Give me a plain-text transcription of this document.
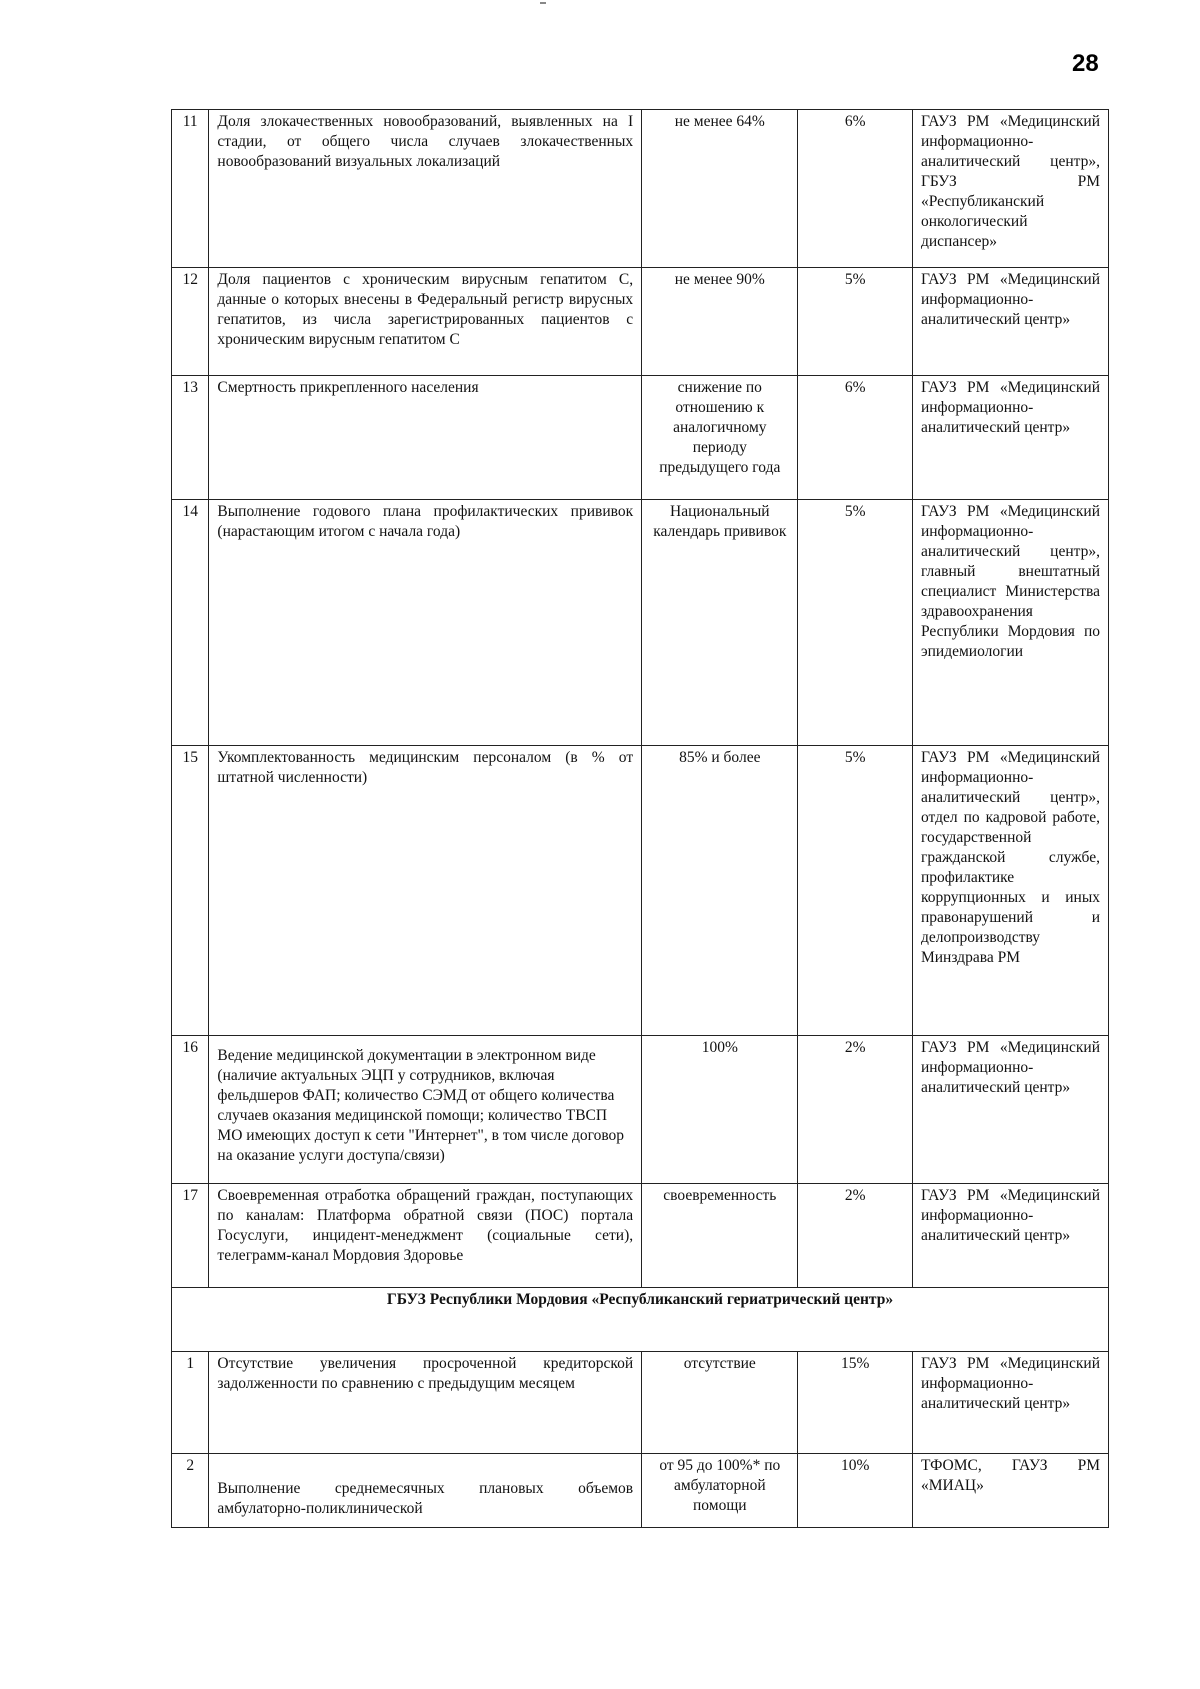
28
11	Доля злокачественных новообразований, выявленных на I стадии, от общего числа случаев злокачественных новообразований визуальных локализаций	не менее 64%	6%	ГАУЗ РМ «Медицинский информационно-аналитический центр», ГБУЗ РМ «Республиканский онкологический диспансер»
12	Доля пациентов с хроническим вирусным гепатитом С, данные о которых внесены в Федеральный регистр вирусных гепатитов, из числа зарегистрированных пациентов с хроническим вирусным гепатитом С	не менее 90%	5%	ГАУЗ РМ «Медицинский информационно-аналитический центр»
13	Смертность прикрепленного населения	снижение по отношению к аналогичному периоду предыдущего года	6%	ГАУЗ РМ «Медицинский информационно-аналитический центр»
14	Выполнение годового плана профилактических прививок (нарастающим итогом с начала года)	Национальный календарь прививок	5%	ГАУЗ РМ «Медицинский информационно-аналитический центр», главный внештатный специалист Министерства здравоохранения Республики Мордовия по эпидемиологии
15	Укомплектованность медицинским персоналом (в % от штатной численности)	85% и более	5%	ГАУЗ РМ «Медицинский информационно-аналитический центр», отдел по кадровой работе, государственной гражданской службе, профилактике коррупционных и иных правонарушений и делопроизводству Минздрава РМ
16	Ведение медицинской документации в электронном виде (наличие актуальных ЭЦП у сотрудников, включая фельдшеров ФАП; количество СЭМД от общего количества случаев оказания медицинской помощи; количество ТВСП МО имеющих доступ к сети "Интернет", в том числе договор на оказание услуги доступа/связи)	100%	2%	ГАУЗ РМ «Медицинский информационно-аналитический центр»
17	Своевременная отработка обращений граждан, поступающих по каналам: Платформа обратной связи (ПОС) портала Госуслуги, инцидент-менеджмент (социальные сети), телеграмм-канал Мордовия Здоровье	своевременность	2%	ГАУЗ РМ «Медицинский информационно-аналитический центр»
ГБУЗ Республики Мордовия «Республиканский гериатрический центр»				
1	Отсутствие увеличения просроченной кредиторской задолженности по сравнению с предыдущим месяцем	отсутствие	15%	ГАУЗ РМ «Медицинский информационно-аналитический центр»
2	Выполнение среднемесячных плановых объемов амбулаторно-поликлинической	от 95 до 100%* по амбулаторной помощи	10%	ТФОМС, ГАУЗ РМ «МИАЦ»
